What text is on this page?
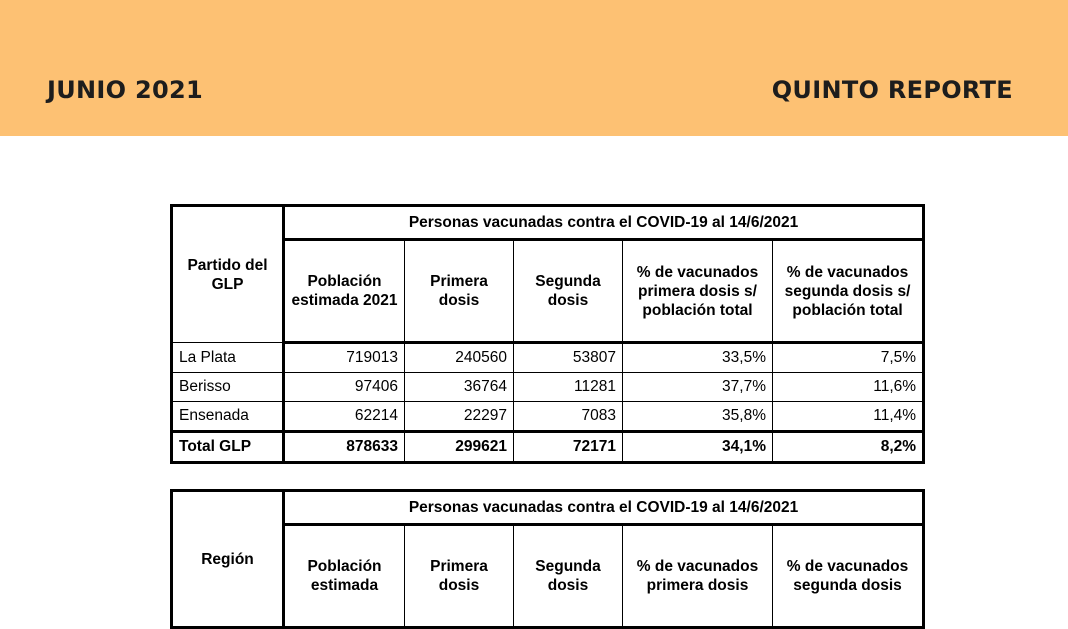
JUNIO 2021	QUINTO REPORTE
Partido del GLP	Personas vacunadas contra el COVID-19 al 14/6/2021				
	Población estimada 2021	Primera dosis	Segunda dosis	% de vacunados primera dosis s/ población total	% de vacunados segunda dosis s/ población total
La Plata	719013	240560	53807	33,5%	7,5%
Berisso	97406	36764	11281	37,7%	11,6%
Ensenada	62214	22297	7083	35,8%	11,4%
Total GLP	878633	299621	72171	34,1%	8,2%
Región	Personas vacunadas contra el COVID-19 al 14/6/2021				
	Población estimada	Primera dosis	Segunda dosis	% de vacunados primera dosis	% de vacunados segunda dosis
